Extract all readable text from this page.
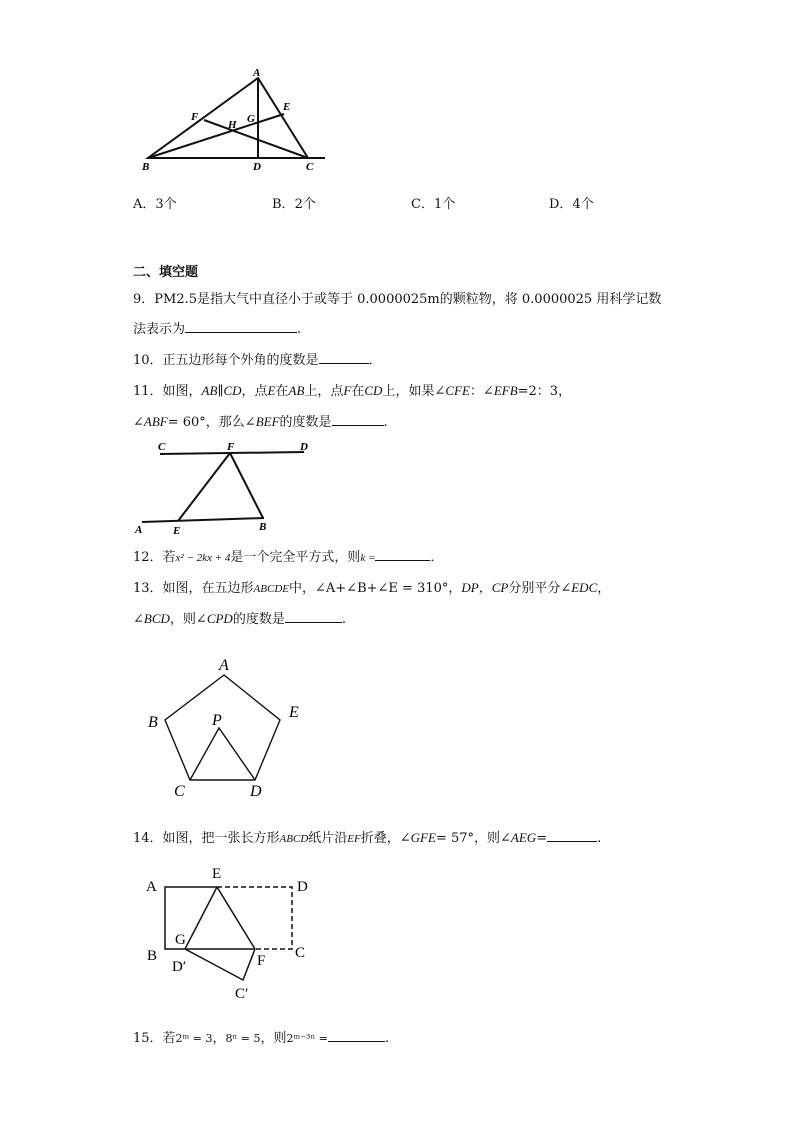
A
B	C
D
E
F	G
H
A．3个	B．2个	C．1个	D．4个
二、填空题
9．PM2.5是指大气中直径小于或等于 0.0000025m的颗粒物，将 0.0000025 用科学记数
法表示为	.
10．正五边形每个外角的度数是	．
11．如图，AB∥CD，点E在AB上，点F在CD上，如果∠CFE：∠EFB=2：3，
∠ABF= 60°，那么∠BEF的度数是	.
C	F	D
A	E	B
12．若x² − 2kx + 4是一个完全平方式，则k =	．
13．如图，在五边形ABCDE中，∠A+∠B+∠E = 310°，DP，CP分别平分∠EDC，
∠BCD，则∠CPD的度数是	.
A
B
E
P
C	D
14．如图，把一张长方形ABCD纸片沿EF折叠，∠GFE= 57°，则∠AEG=	.
A
E
D
G
B
D′	F C
C′
15．若2ᵐ = 3，8ⁿ = 5，则2ᵐ⁻³ⁿ =	.
